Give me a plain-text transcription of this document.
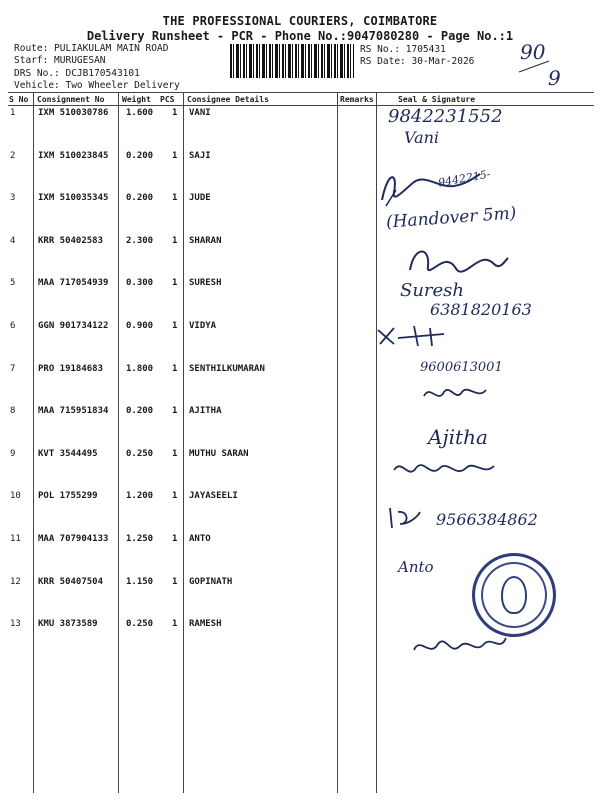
THE PROFESSIONAL COURIERS, COIMBATORE
Delivery Runsheet - PCR - Phone No.:9047080280 - Page No.:1
Route: PULIAKULAM MAIN ROAD
Starf: MURUGESAN
DRS No.: DCJB170543101
Vehicle: Two Wheeler Delivery
RS No.: 1705431
RS Date: 30-Mar-2026 90
9
S No Consignment No Weight PCS Consignee Details	Remarks	Seal & Signature
1	IXM 510030786 1.600 1 VANI
2	IXM 510023845 0.200 1 SAJI
3	IXM 510035345 0.200 1 JUDE
4	KRR 50402583	2.300 1 SHARAN
5	MAA 717054939 0.300 1 SURESH
6	GGN 901734122 0.900 1 VIDYA
7	PRO 19184683	1.800 1 SENTHILKUMARAN
8	MAA 715951834 0.200 1 AJITHA
9	KVT 3544495	0.250 1 MUTHU SARAN
10 POL 1755299	1.200 1 JAYASEELI
11 MAA 707904133 1.250 1 ANTO
12 KRR 50407504	1.150 1 GOPINATH
13 KMU 3873589	0.250 1 RAMESH
9842231552
Vani
9442215-
(Handover 5m)
Suresh
6381820163
9600613001
Ajitha
9566384862
Anto
